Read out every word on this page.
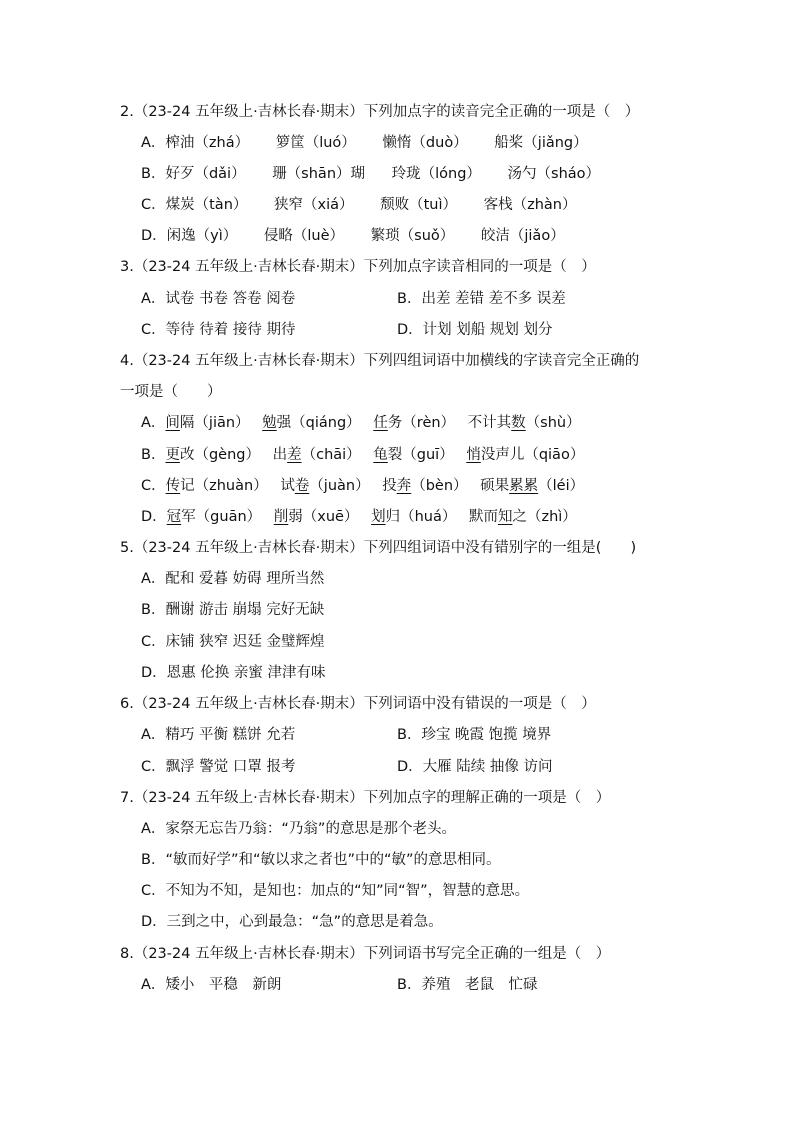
2.（23-24 五年级上·吉林长春·期末）下列加点字的读音完全正确的一项是（　）
A．榨油（zhá） 箩筐（luó） 懒惰（duò） 船桨（jiǎng）
B．好歹（dǎi） 珊（shān）瑚 玲珑（lóng） 汤勺（sháo）
C．煤炭（tàn） 狭窄（xiá） 颓败（tuì） 客栈（zhàn）
D．闲逸（yì） 侵略（luè） 繁琐（suǒ） 皎洁（jiǎo）
3.（23-24 五年级上·吉林长春·期末）下列加点字读音相同的一项是（　）
A．试卷 书卷 答卷 阅卷	B．出差 差错 差不多 误差
C．等待 待着 接待 期待	D．计划 划船 规划 划分
4.（23-24 五年级上·吉林长春·期末）下列四组词语中加横线的字读音完全正确的
一项是（　　）
A．间隔（jiān） 勉强（qiáng） 任务（rèn） 不计其数（shù）
B．更改（gèng） 出差（chāi） 龟裂（guī） 悄没声儿（qiāo）
C．传记（zhuàn） 试卷（juàn） 投奔（bèn） 硕果累累（léi）
D．冠军（guān） 削弱（xuē） 划归（huá） 默而知之（zhì）
5.（23-24 五年级上·吉林长春·期末）下列四组词语中没有错别字的一组是(　　)
A．配和 爱暮 妨碍 理所当然
B．酬谢 游击 崩塌 完好无缺
C．床铺 狭窄 迟廷 金璧辉煌
D．恩惠 伦换 亲蜜 津津有味
6.（23-24 五年级上·吉林长春·期末）下列词语中没有错误的一项是（　）
A．精巧 平衡 糕饼 允若	B．珍宝 晚霞 饱揽 境界
C．飘浮 警觉 口罩 报考	D．大雁 陆续 抽像 访问
7.（23-24 五年级上·吉林长春·期末）下列加点字的理解正确的一项是（　）
A．家祭无忘告乃翁：“乃翁”的意思是那个老头。
B．“敏而好学”和“敏以求之者也”中的“敏”的意思相同。
C．不知为不知，是知也：加点的“知”同“智”，智慧的意思。
D．三到之中，心到最急：“急”的意思是着急。
8.（23-24 五年级上·吉林长春·期末）下列词语书写完全正确的一组是（　）
A．矮小　平稳　新朗	B．养殖　老鼠　忙碌
